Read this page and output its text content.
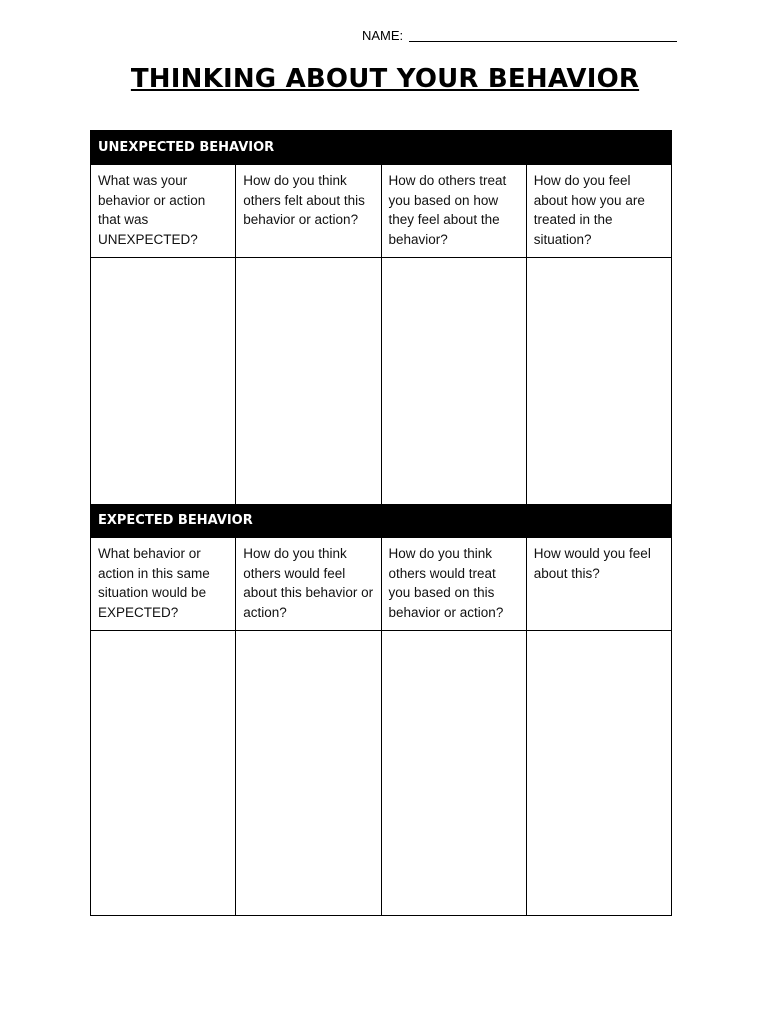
NAME:
THINKING ABOUT YOUR BEHAVIOR
UNEXPECTED BEHAVIOR
What was your behavior or action that was UNEXPECTED?
How do you think others felt about this behavior or action?
How do others treat you based on how they feel about the behavior?
How do you feel about how you are treated in the situation?
EXPECTED BEHAVIOR
What behavior or action in this same situation would be EXPECTED?
How do you think others would feel about this behavior or action?
How do you think others would treat you based on this behavior or action?
How would you feel about this?
